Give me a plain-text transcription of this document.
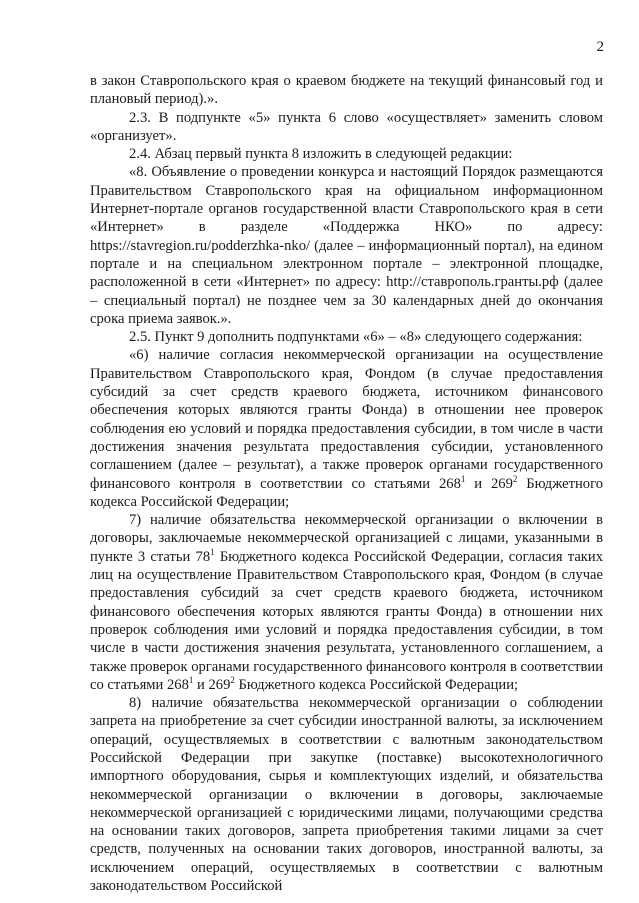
2

в закон Ставропольского края о краевом бюджете на текущий финансовый год и плановый период).».

2.3. В подпункте «5» пункта 6 слово «осуществляет» заменить словом «организует».

2.4. Абзац первый пункта 8 изложить в следующей редакции:

«8. Объявление о проведении конкурса и настоящий Порядок размещаются Правительством Ставропольского края на официальном информационном Интернет-портале органов государственной власти Ставропольского края в сети «Интернет» в разделе «Поддержка НКО» по адресу: https://stavregion.ru/podderzhka-nko/ (далее – информационный портал), на едином портале и на специальном электронном портале – электронной площадке, расположенной в сети «Интернет» по адресу: http://ставрополь.гранты.рф (далее – специальный портал) не позднее чем за 30 календарных дней до окончания срока приема заявок.».

2.5. Пункт 9 дополнить подпунктами «6» – «8» следующего содержания:

«6) наличие согласия некоммерческой организации на осуществление Правительством Ставропольского края, Фондом (в случае предоставления субсидий за счет средств краевого бюджета, источником финансового обеспечения которых являются гранты Фонда) в отношении нее проверок соблюдения ею условий и порядка предоставления субсидии, в том числе в части достижения значения результата предоставления субсидии, установленного соглашением (далее – результат), а также проверок органами государственного финансового контроля в соответствии со статьями $268^1$ и $269^2$ Бюджетного кодекса Российской Федерации;

7) наличие обязательства некоммерческой организации о включении в договоры, заключаемые некоммерческой организацией с лицами, указанными в пункте 3 статьи $78^1$ Бюджетного кодекса Российской Федерации, согласия таких лиц на осуществление Правительством Ставропольского края, Фондом (в случае предоставления субсидий за счет средств краевого бюджета, источником финансового обеспечения которых являются гранты Фонда) в отношении них проверок соблюдения ими условий и порядка предоставления субсидии, в том числе в части достижения значения результата, установленного соглашением, а также проверок органами государственного финансового контроля в соответствии со статьями $268^1$ и $269^2$ Бюджетного кодекса Российской Федерации;

8) наличие обязательства некоммерческой организации о соблюдении запрета на приобретение за счет субсидии иностранной валюты, за исключением операций, осуществляемых в соответствии с валютным законодательством Российской Федерации при закупке (поставке) высокотехнологичного импортного оборудования, сырья и комплектующих изделий, и обязательства некоммерческой организации о включении в договоры, заключаемые некоммерческой организацией с юридическими лицами, получающими средства на основании таких договоров, запрета приобретения такими лицами за счет средств, полученных на основании таких договоров, иностранной валюты, за исключением операций, осуществляемых в соответствии с валютным законодательством Российской
